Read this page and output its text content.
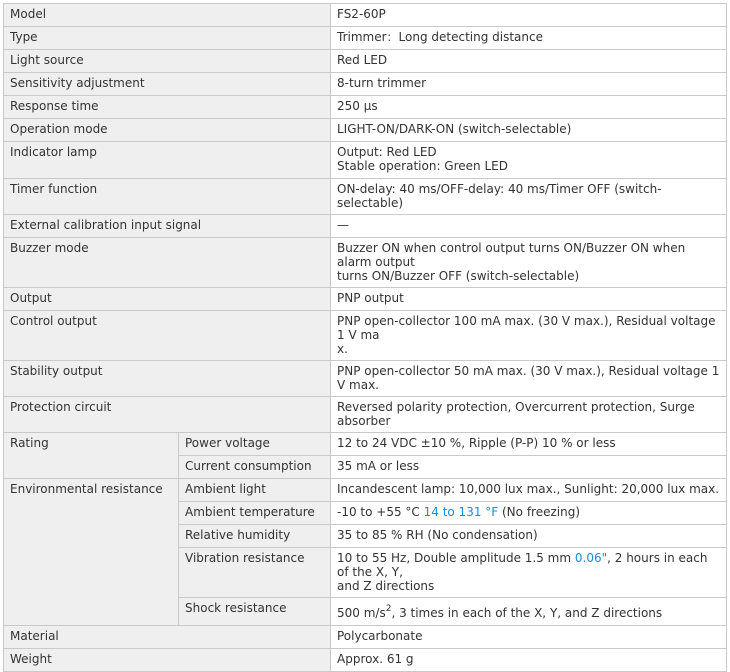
Model		FS2-60P
Type		Trimmer：Long detecting distance
Light source		Red LED
Sensitivity adjustment		8-turn trimmer
Response time		250 µs
Operation mode		LIGHT-ON/DARK-ON (switch-selectable)
Indicator lamp		Output: Red LED
Stable operation: Green LED
Timer function		ON-delay: 40 ms/OFF-delay: 40 ms/Timer OFF (switch-selectable)
External calibration input signal		—
Buzzer mode		Buzzer ON when control output turns ON/Buzzer ON when alarm output
turns ON/Buzzer OFF (switch-selectable)
Output		PNP output
Control output		PNP open-collector 100 mA max. (30 V max.), Residual voltage 1 V ma
x.
Stability output		PNP open-collector 50 mA max. (30 V max.), Residual voltage 1 V max.
Protection circuit		Reversed polarity protection, Overcurrent protection, Surge absorber
Rating	Power voltage	12 to 24 VDC ±10 %, Ripple (P-P) 10 % or less
	Current consumption	35 mA or less
Environmental resistance	Ambient light	Incandescent lamp: 10,000 lux max., Sunlight: 20,000 lux max.
	Ambient temperature	-10 to +55 °C 14 to 131 °F (No freezing)
	Relative humidity	35 to 85 % RH (No condensation)
	Vibration resistance	10 to 55 Hz, Double amplitude 1.5 mm 0.06", 2 hours in each of the X, Y,
and Z directions
	Shock resistance	500 $m/s^2$, 3 times in each of the X, Y, and Z directions
Material		Polycarbonate
Weight		Approx. 61 g
